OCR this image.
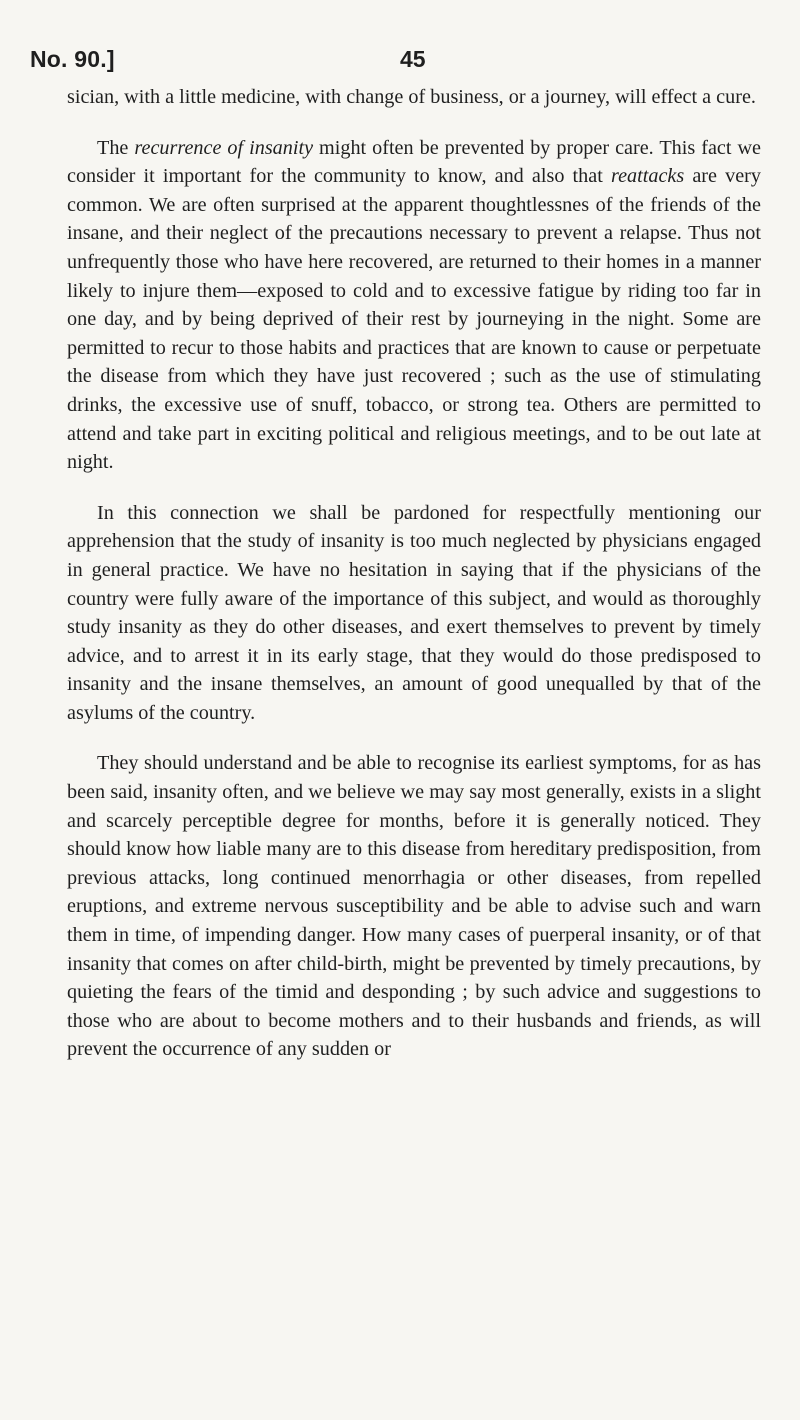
No. 90.]	45

sician, with a little medicine, with change of business, or a journey, will effect a cure.

The recurrence of insanity might often be prevented by proper care. This fact we consider it important for the community to know, and also that reattacks are very common. We are often surprised at the apparent thoughtlessnes of the friends of the insane, and their neglect of the precautions necessary to prevent a relapse. Thus not unfrequently those who have here recovered, are returned to their homes in a manner likely to injure them—exposed to cold and to excessive fatigue by riding too far in one day, and by being deprived of their rest by journeying in the night. Some are permitted to recur to those habits and practices that are known to cause or perpetuate the disease from which they have just recovered ; such as the use of stimulating drinks, the excessive use of snuff, tobacco, or strong tea. Others are permitted to attend and take part in exciting political and religious meetings, and to be out late at night.

In this connection we shall be pardoned for respectfully mentioning our apprehension that the study of insanity is too much neglected by physicians engaged in general practice. We have no hesitation in saying that if the physicians of the country were fully aware of the importance of this subject, and would as thoroughly study insanity as they do other diseases, and exert themselves to prevent by timely advice, and to arrest it in its early stage, that they would do those predisposed to insanity and the insane themselves, an amount of good unequalled by that of the asylums of the country.

They should understand and be able to recognise its earliest symptoms, for as has been said, insanity often, and we believe we may say most generally, exists in a slight and scarcely perceptible degree for months, before it is generally noticed. They should know how liable many are to this disease from hereditary predisposition, from previous attacks, long continued menorrhagia or other diseases, from repelled eruptions, and extreme nervous susceptibility and be able to advise such and warn them in time, of impending danger. How many cases of puerperal insanity, or of that insanity that comes on after child-birth, might be prevented by timely precautions, by quieting the fears of the timid and desponding ; by such advice and suggestions to those who are about to become mothers and to their husbands and friends, as will prevent the occurrence of any sudden or
